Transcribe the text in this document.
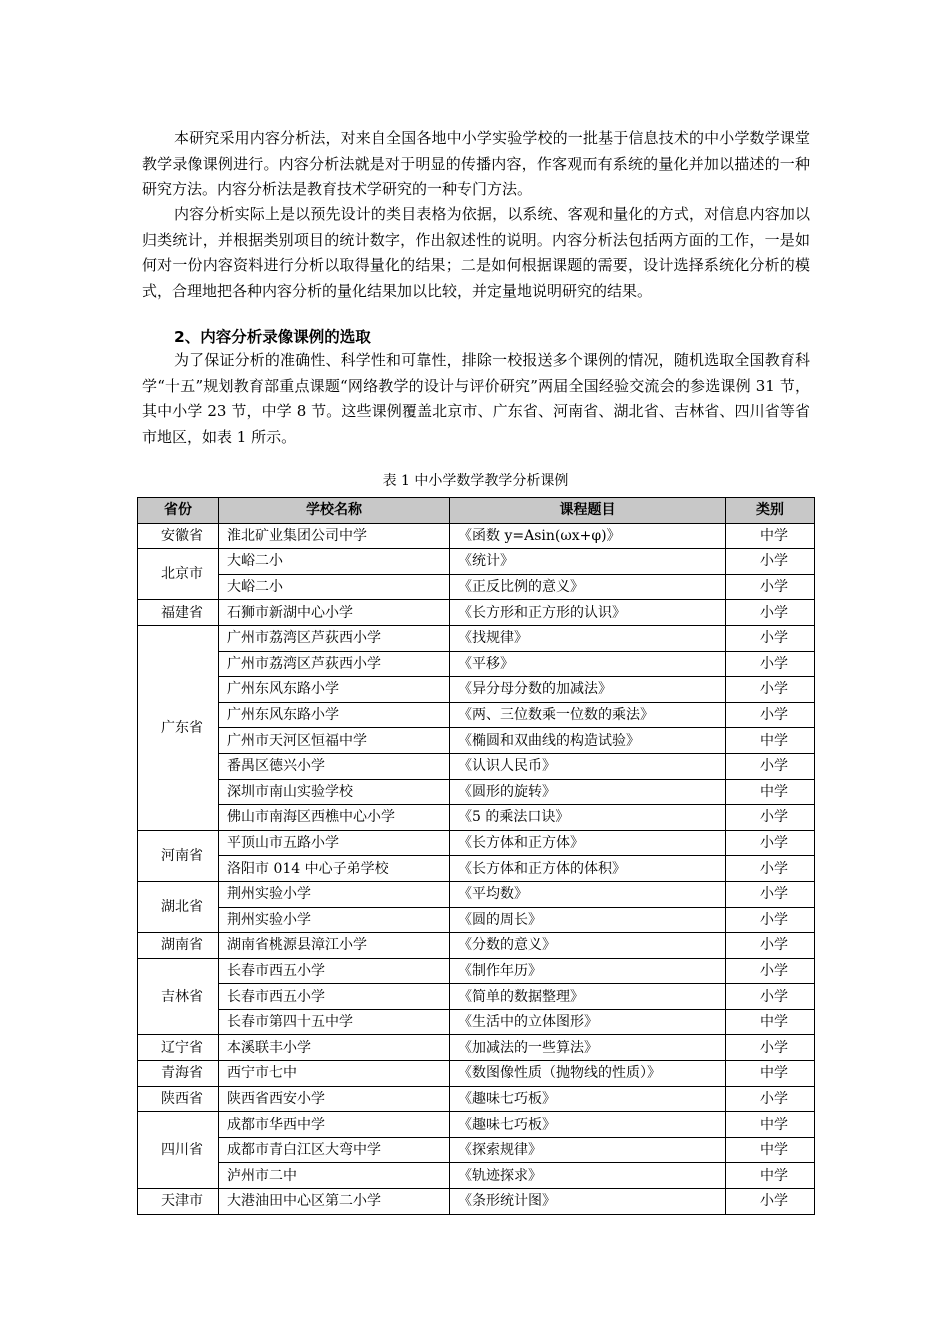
本研究采用内容分析法，对来自全国各地中小学实验学校的一批基于信息技术的中小学数学课堂教学录像课例进行。内容分析法就是对于明显的传播内容，作客观而有系统的量化并加以描述的一种研究方法。内容分析法是教育技术学研究的一种专门方法。

内容分析实际上是以预先设计的类目表格为依据，以系统、客观和量化的方式，对信息内容加以归类统计，并根据类别项目的统计数字，作出叙述性的说明。内容分析法包括两方面的工作，一是如何对一份内容资料进行分析以取得量化的结果；二是如何根据课题的需要，设计选择系统化分析的模式，合理地把各种内容分析的量化结果加以比较，并定量地说明研究的结果。

2、内容分析录像课例的选取

为了保证分析的准确性、科学性和可靠性，排除一校报送多个课例的情况，随机选取全国教育科学“十五”规划教育部重点课题“网络教学的设计与评价研究”两届全国经验交流会的参选课例 31 节，其中小学 23 节，中学 8 节。这些课例覆盖北京市、广东省、河南省、湖北省、吉林省、四川省等省市地区，如表 1 所示。

表 1 中小学数学教学分析课例

省份	学校名称	课程题目	类别
安徽省	淮北矿业集团公司中学	《函数 y=Asin(ωx+φ)》	中学
北京市	大峪二小	《统计》	小学
	大峪二小	《正反比例的意义》	小学
福建省	石狮市新湖中心小学	《长方形和正方形的认识》	小学
广东省	广州市荔湾区芦荻西小学	《找规律》	小学
	广州市荔湾区芦荻西小学	《平移》	小学
	广州东风东路小学	《异分母分数的加减法》	小学
	广州东风东路小学	《两、三位数乘一位数的乘法》	小学
	广州市天河区恒福中学	《椭圆和双曲线的构造试验》	中学
	番禺区德兴小学	《认识人民币》	小学
	深圳市南山实验学校	《圆形的旋转》	中学
	佛山市南海区西樵中心小学	《5 的乘法口诀》	小学
河南省	平顶山市五路小学	《长方体和正方体》	小学
	洛阳市 014 中心子弟学校	《长方体和正方体的体积》	小学
湖北省	荆州实验小学	《平均数》	小学
	荆州实验小学	《圆的周长》	小学
湖南省	湖南省桃源县漳江小学	《分数的意义》	小学
吉林省	长春市西五小学	《制作年历》	小学
	长春市西五小学	《简单的数据整理》	小学
	长春市第四十五中学	《生活中的立体图形》	中学
辽宁省	本溪联丰小学	《加减法的一些算法》	小学
青海省	西宁市七中	《数图像性质（抛物线的性质）》	中学
陕西省	陕西省西安小学	《趣味七巧板》	小学
四川省	成都市华西中学	《趣味七巧板》	中学
	成都市青白江区大弯中学	《探索规律》	中学
	泸州市二中	《轨迹探求》	中学
天津市	大港油田中心区第二小学	《条形统计图》	小学
